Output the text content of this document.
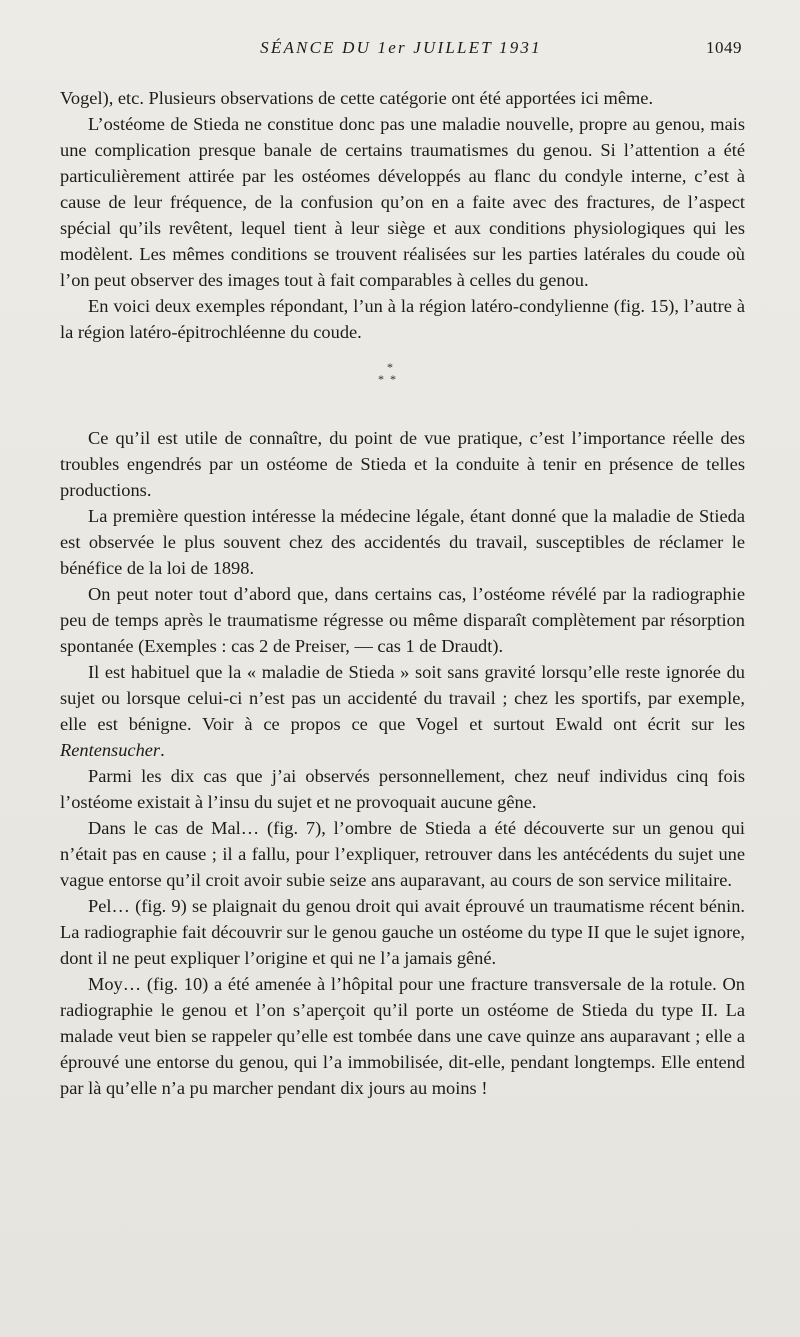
SÉANCE DU 1er JUILLET 1931	1049

Vogel), etc. Plusieurs observations de cette catégorie ont été apportées ici même.

L’ostéome de Stieda ne constitue donc pas une maladie nouvelle, propre au genou, mais une complication presque banale de certains traumatismes du genou. Si l’attention a été particulièrement attirée par les ostéomes développés au flanc du condyle interne, c’est à cause de leur fréquence, de la confusion qu’on en a faite avec des fractures, de l’aspect spécial qu’ils revêtent, lequel tient à leur siège et aux conditions physiologiques qui les modèlent. Les mêmes conditions se trouvent réalisées sur les parties latérales du coude où l’on peut observer des images tout à fait comparables à celles du genou.

En voici deux exemples répondant, l’un à la région latéro-condylienne (fig. 15), l’autre à la région latéro-épitrochléenne du coude.

*
**

Ce qu’il est utile de connaître, du point de vue pratique, c’est l’importance réelle des troubles engendrés par un ostéome de Stieda et la conduite à tenir en présence de telles productions.

La première question intéresse la médecine légale, étant donné que la maladie de Stieda est observée le plus souvent chez des accidentés du travail, susceptibles de réclamer le bénéfice de la loi de 1898.

On peut noter tout d’abord que, dans certains cas, l’ostéome révélé par la radiographie peu de temps après le traumatisme régresse ou même disparaît complètement par résorption spontanée (Exemples : cas 2 de Preiser, — cas 1 de Draudt).

Il est habituel que la « maladie de Stieda » soit sans gravité lorsqu’elle reste ignorée du sujet ou lorsque celui-ci n’est pas un accidenté du travail ; chez les sportifs, par exemple, elle est bénigne. Voir à ce propos ce que Vogel et surtout Ewald ont écrit sur les Rentensucher.

Parmi les dix cas que j’ai observés personnellement, chez neuf individus cinq fois l’ostéome existait à l’insu du sujet et ne provoquait aucune gêne.

Dans le cas de Mal… (fig. 7), l’ombre de Stieda a été découverte sur un genou qui n’était pas en cause ; il a fallu, pour l’expliquer, retrouver dans les antécédents du sujet une vague entorse qu’il croit avoir subie seize ans auparavant, au cours de son service militaire.

Pel… (fig. 9) se plaignait du genou droit qui avait éprouvé un traumatisme récent bénin. La radiographie fait découvrir sur le genou gauche un ostéome du type II que le sujet ignore, dont il ne peut expliquer l’origine et qui ne l’a jamais gêné.

Moy… (fig. 10) a été amenée à l’hôpital pour une fracture transversale de la rotule. On radiographie le genou et l’on s’aperçoit qu’il porte un ostéome de Stieda du type II. La malade veut bien se rappeler qu’elle est tombée dans une cave quinze ans auparavant ; elle a éprouvé une entorse du genou, qui l’a immobilisée, dit-elle, pendant longtemps. Elle entend par là qu’elle n’a pu marcher pendant dix jours au moins !
